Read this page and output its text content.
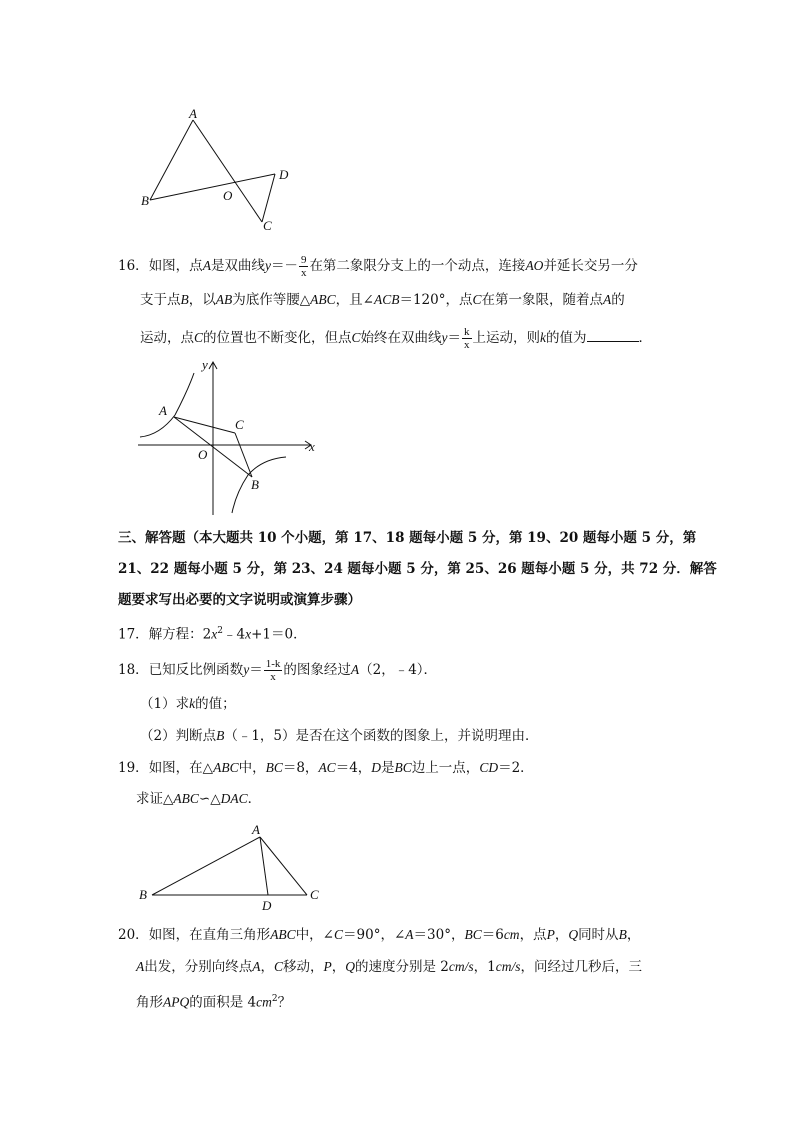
A
B	O
D
C
16．如图，点A是双曲线$y=- \frac{9}{x}$ 在第二象限分支上的一个动点，连接AO并延长交另一分
支于点B，以AB为底作等腰△ABC，且∠ACB＝120°，点C在第一象限，随着点A的
运动，点C的位置也不断变化，但点C始终在双曲线$y= \frac{k}{x}$ 上运动，则k的值为	．
y
x
A
C
O
B
三、解答题（本大题共 10 个小题，第 17、18 题每小题 5 分，第 19、20 题每小题 5 分，第
21、22 题每小题 5 分，第 23、24 题每小题 5 分，第 25、26 题每小题 5 分，共 72 分．解答
题要求写出必要的文字说明或演算步骤）
17．解方程：$2x^2﹣4x+1=0$．
18．已知反比例函数$y= \frac{1-k}{x}$ 的图象经过A（2，﹣4）．
（1）求k的值；
（2）判断点B（﹣1，5）是否在这个函数的图象上，并说明理由．
19．如图，在△ABC中，BC＝8，AC＝4，D是BC边上一点，CD＝2．
求证△ABC∽△DAC．
A
B
D
C
20．如图，在直角三角形ABC中，∠C＝90°，∠A＝30°，BC＝6cm，点P，Q同时从B，
A出发，分别向终点A，C移动，P，Q的速度分别是 2cm/s，1cm/s，问经过几秒后，三
角形APQ的面积是 $4cm^2$？
